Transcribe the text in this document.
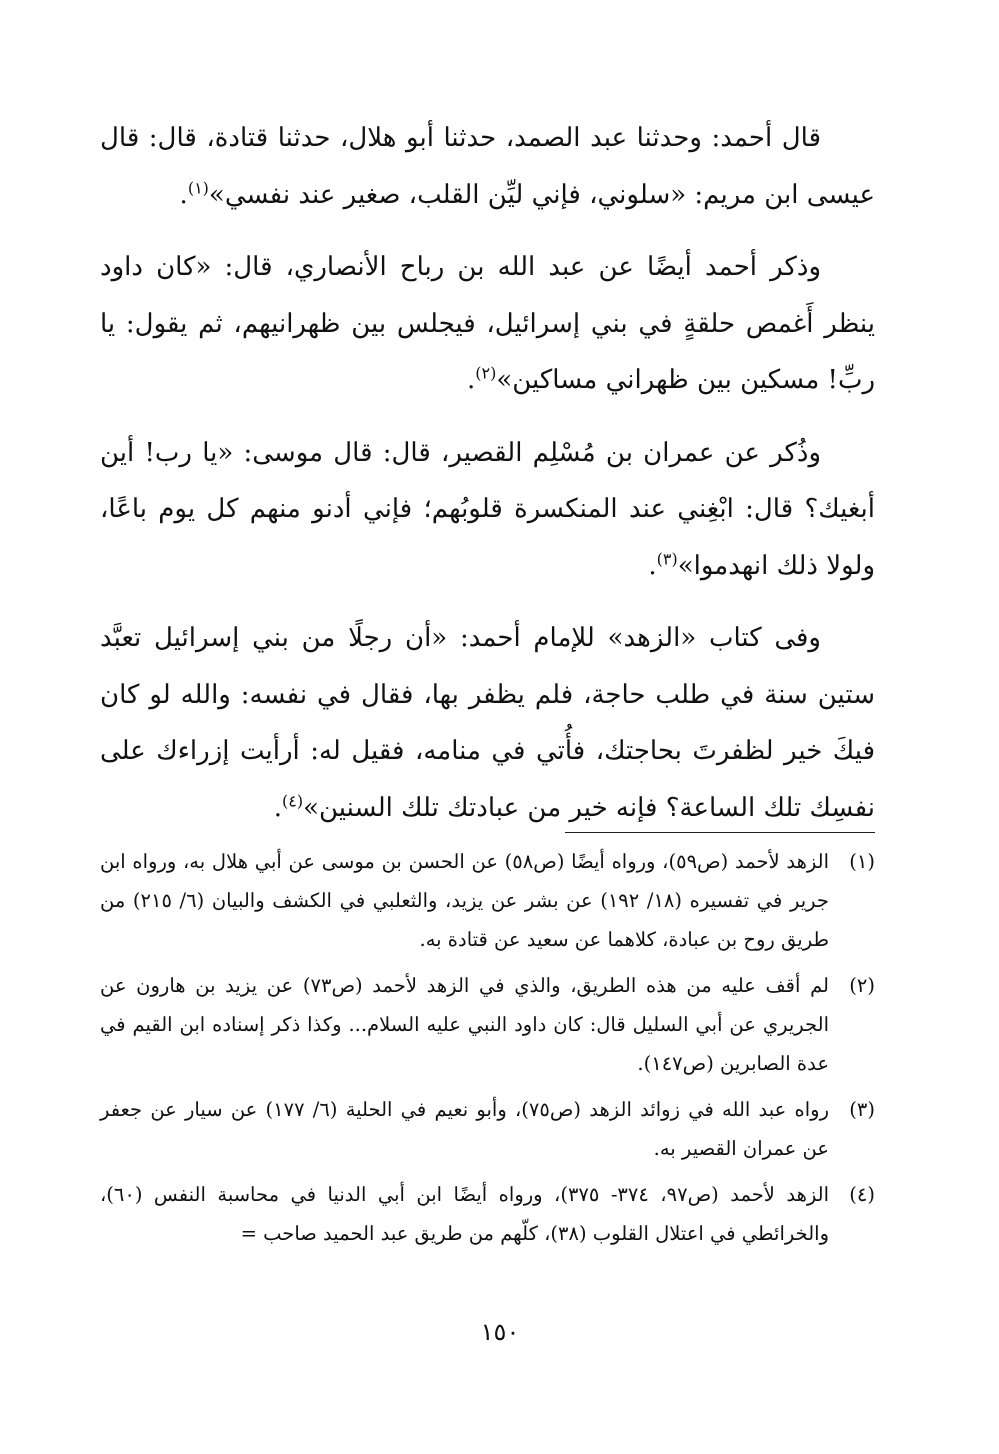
قال أحمد: وحدثنا عبد الصمد، حدثنا أبو هلال، حدثنا قتادة، قال: قال عيسى ابن مريم: «سلوني، فإني ليِّن القلب، صغير عند نفسي»$^{(١)}$.

وذكر أحمد أيضًا عن عبد الله بن رباح الأنصاري، قال: «كان داود ينظر أَغمص حلقةٍ في بني إسرائيل، فيجلس بين ظهرانيهم، ثم يقول: يا ربِّ! مسكين بين ظهراني مساكين»$^{(٢)}$.

وذُكر عن عمران بن مُسْلِم القصير، قال: قال موسى: «يا رب! أين أبغيك؟ قال: ابْغِني عند المنكسرة قلوبُهم؛ فإني أدنو منهم كل يوم باعًا، ولولا ذلك انهدموا»$^{(٣)}$.

وفى كتاب «الزهد» للإمام أحمد: «أن رجلًا من بني إسرائيل تعبَّد ستين سنة في طلب حاجة، فلم يظفر بها، فقال في نفسه: والله لو كان فيكَ خير لظفرتَ بحاجتك، فأُتي في منامه، فقيل له: أرأيت إزراءك على نفسِك تلك الساعة؟ فإنه خير من عبادتك تلك السنين»$^{(٤)}$.

(١)
الزهد لأحمد (ص٥٩)، ورواه أيضًا (ص٥٨) عن الحسن بن موسى عن أبي هلال به، ورواه ابن جرير في تفسيره (١٨/ ١٩٢) عن بشر عن يزيد، والثعلبي في الكشف والبيان (٦/ ٢١٥) من طريق روح بن عبادة، كلاهما عن سعيد عن قتادة به.
(٢)
لم أقف عليه من هذه الطريق، والذي في الزهد لأحمد (ص٧٣) عن يزيد بن هارون عن الجريري عن أبي السليل قال: كان داود النبي عليه السلام... وكذا ذكر إسناده ابن القيم في عدة الصابرين (ص١٤٧).
(٣)
رواه عبد الله في زوائد الزهد (ص٧٥)، وأبو نعيم في الحلية (٦/ ١٧٧) عن سيار عن جعفر عن عمران القصير به.
(٤)
الزهد لأحمد (ص٩٧، ٣٧٤- ٣٧٥)، ورواه أيضًا ابن أبي الدنيا في محاسبة النفس (٦٠)، والخرائطي في اعتلال القلوب (٣٨)، كلّهم من طريق عبد الحميد صاحب =
١٥٠
